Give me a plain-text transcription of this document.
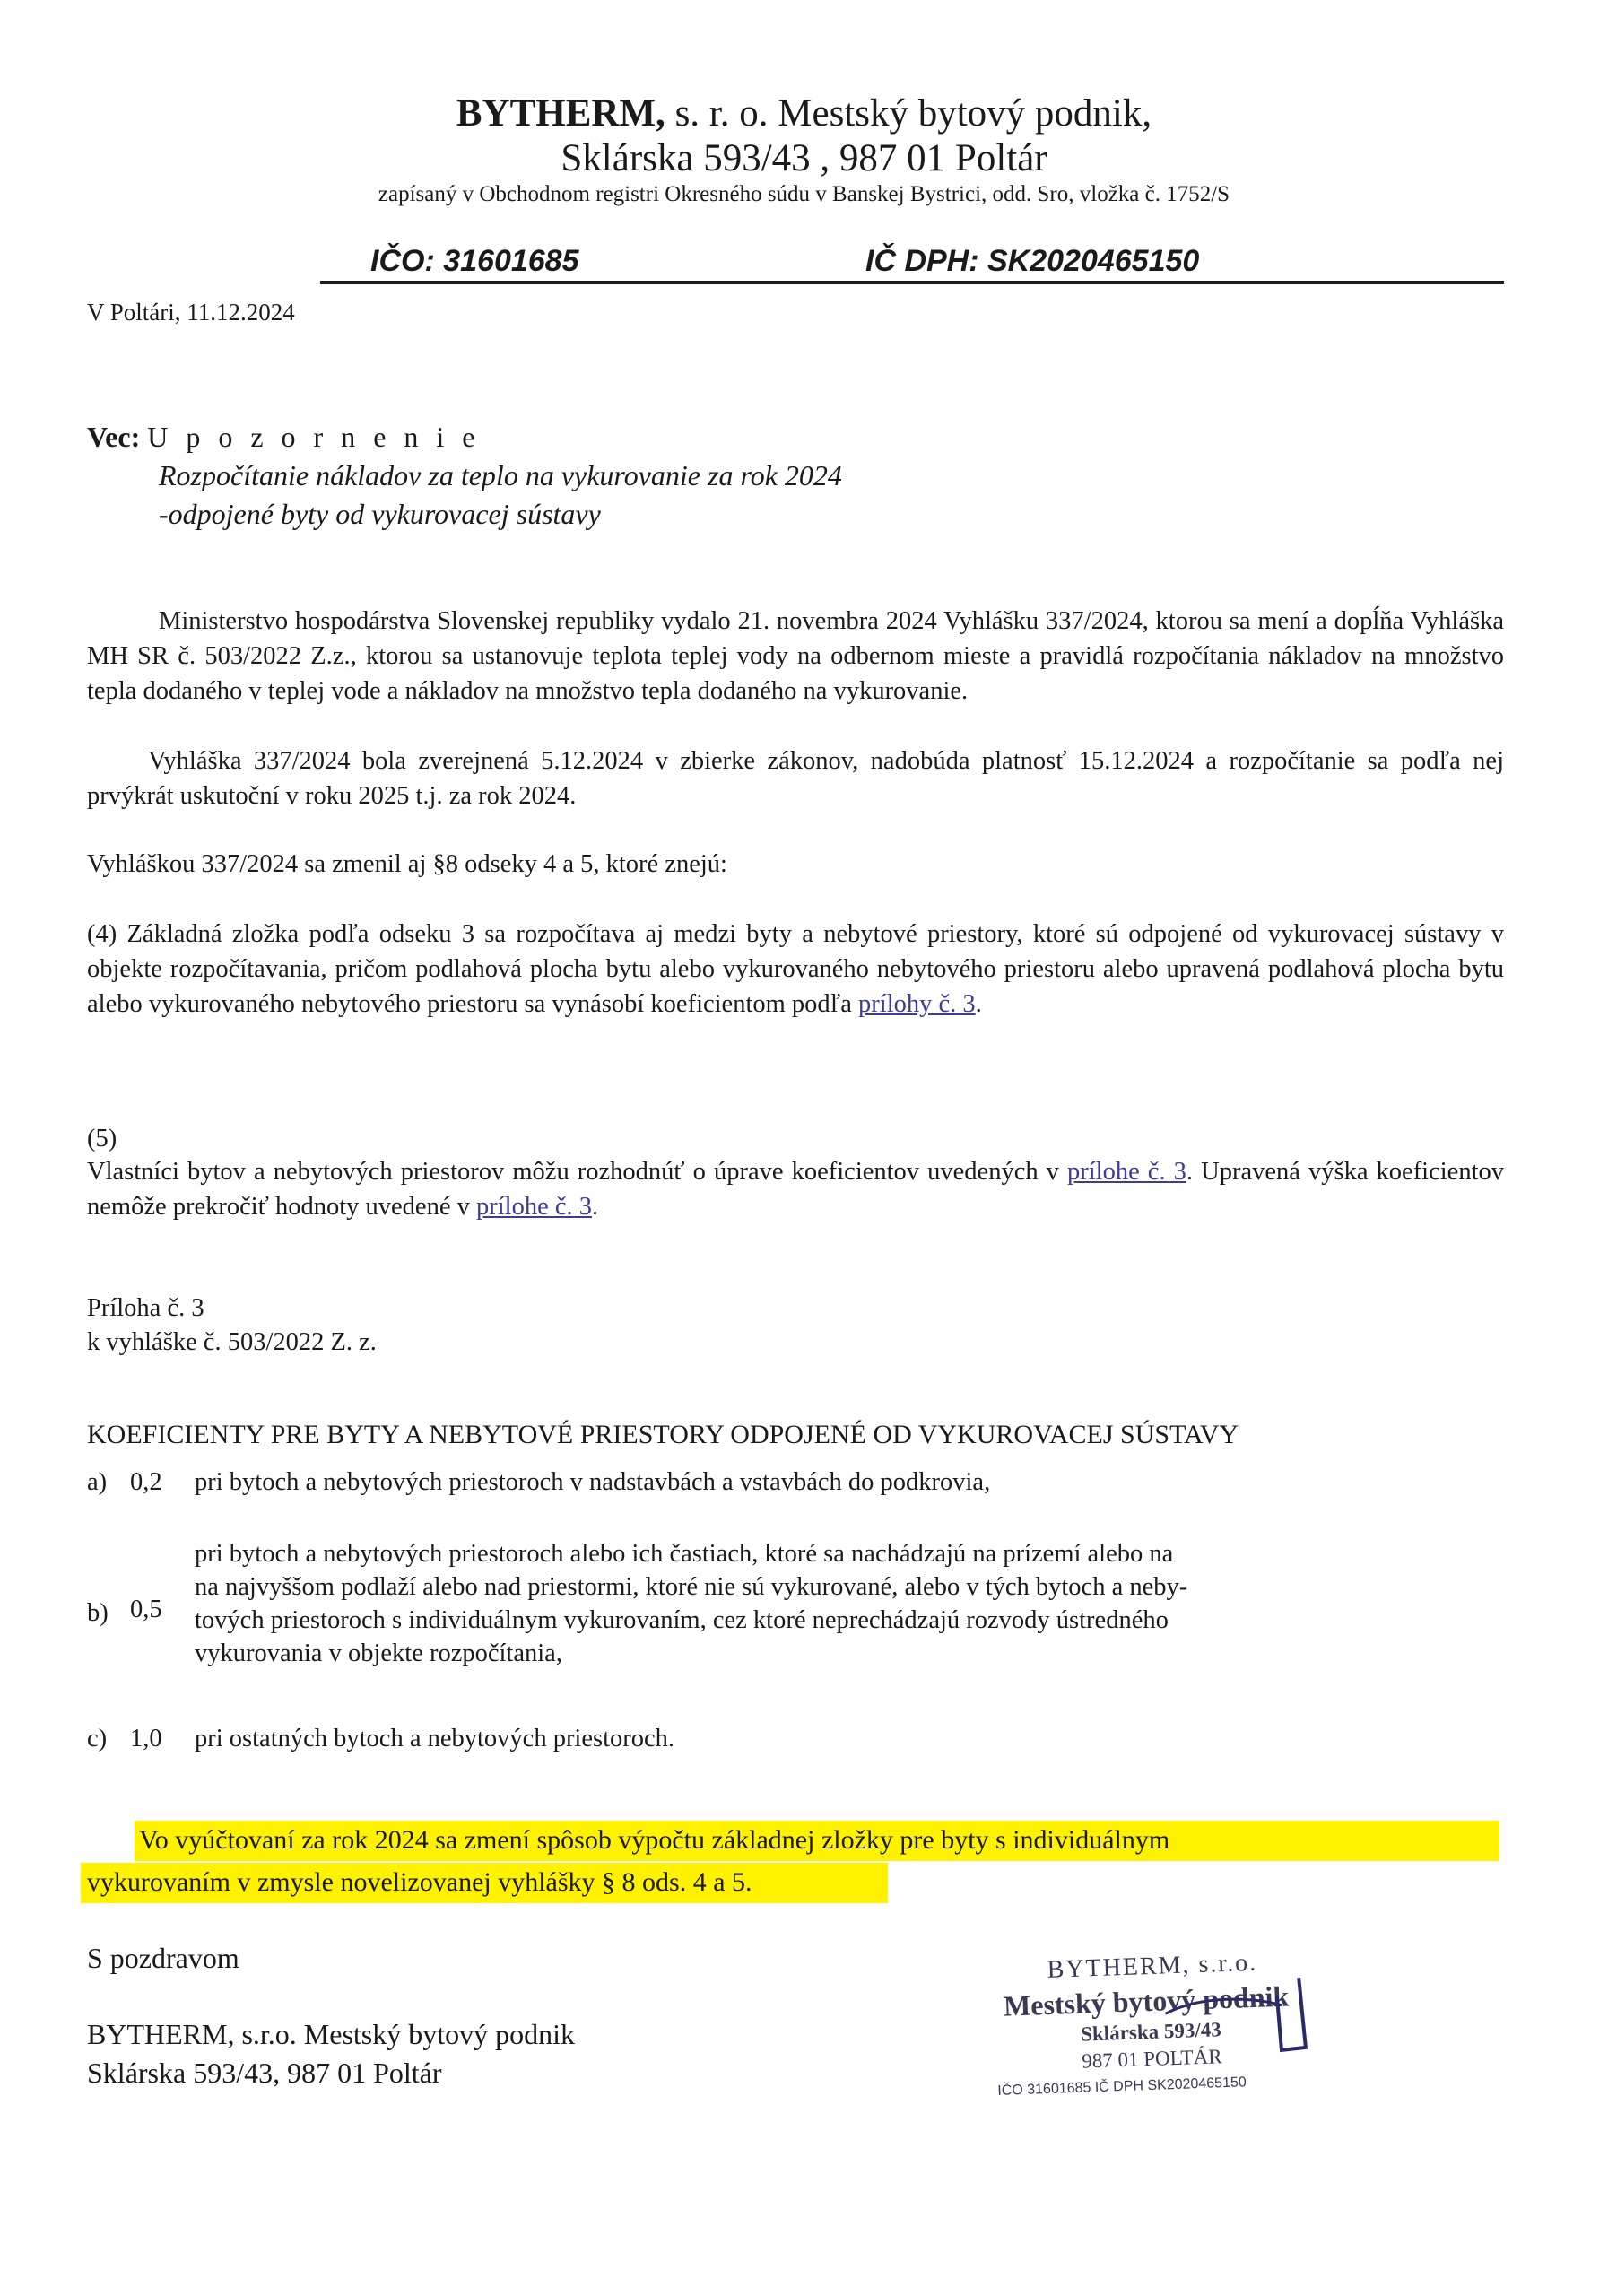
BYTHERM, s. r. o. Mestský bytový podnik,
Sklárska 593/43 , 987 01 Poltár
zapísaný v Obchodnom registri Okresného súdu v Banskej Bystrici, odd. Sro, vložka č. 1752/S
IČO: 31601685	IČ DPH: SK2020465150
V Poltári, 11.12.2024
Vec: U p o z o r n e n i e
Rozpočítanie nákladov za teplo na vykurovanie za rok 2024
-odpojené byty od vykurovacej sústavy
Ministerstvo hospodárstva Slovenskej republiky vydalo 21. novembra 2024 Vyhlášku 337/2024, ktorou sa mení a dopĺňa Vyhláška MH SR č. 503/2022 Z.z., ktorou sa ustanovuje teplota teplej vody na odbernom mieste a pravidlá rozpočítania nákladov na množstvo tepla dodaného v teplej vode a nákladov na množstvo tepla dodaného na vykurovanie.
Vyhláška 337/2024 bola zverejnená 5.12.2024 v zbierke zákonov, nadobúda platnosť 15.12.2024 a rozpočítanie sa podľa nej prvýkrát uskutoční v roku 2025 t.j. za rok 2024.
Vyhláškou 337/2024 sa zmenil aj §8 odseky 4 a 5, ktoré znejú:
(4) Základná zložka podľa odseku 3 sa rozpočítava aj medzi byty a nebytové priestory, ktoré sú odpojené od vykurovacej sústavy v objekte rozpočítavania, pričom podlahová plocha bytu alebo vykurovaného nebytového priestoru alebo upravená podlahová plocha bytu alebo vykurovaného nebytového priestoru sa vynásobí koeficientom podľa prílohy č. 3.
(5)
Vlastníci bytov a nebytových priestorov môžu rozhodnúť o úprave koeficientov uvedených v prílohe č. 3. Upravená výška koeficientov nemôže prekročiť hodnoty uvedené v prílohe č. 3.
Príloha č. 3
k vyhláške č. 503/2022 Z. z.
KOEFICIENTY PRE BYTY A NEBYTOVÉ PRIESTORY ODPOJENÉ OD VYKUROVACEJ SÚSTAVY
a) 0,2 pri bytoch a nebytových priestoroch v nadstavbách a vstavbách do podkrovia,
b) 0,5
pri bytoch a nebytových priestoroch alebo ich častiach, ktoré sa nachádzajú na prízemí alebo na
na najvyššom podlaží alebo nad priestormi, ktoré nie sú vykurované, alebo v tých bytoch a neby-
tových priestoroch s individuálnym vykurovaním, cez ktoré neprechádzajú rozvody ústredného
vykurovania v objekte rozpočítania,
c) 1,0 pri ostatných bytoch a nebytových priestoroch.
Vo vyúčtovaní za rok 2024 sa zmení spôsob výpočtu základnej zložky pre byty s individuálnym
vykurovaním v zmysle novelizovanej vyhlášky § 8 ods. 4 a 5.
S pozdravom
BYTHERM, s.r.o. Mestský bytový podnik
Sklárska 593/43, 987 01 Poltár
BYTHERM, s.r.o.
Mestský bytový podnik
Sklárska 593/43
987 01 POLTÁR
IČO 31601685 IČ DPH SK2020465150
